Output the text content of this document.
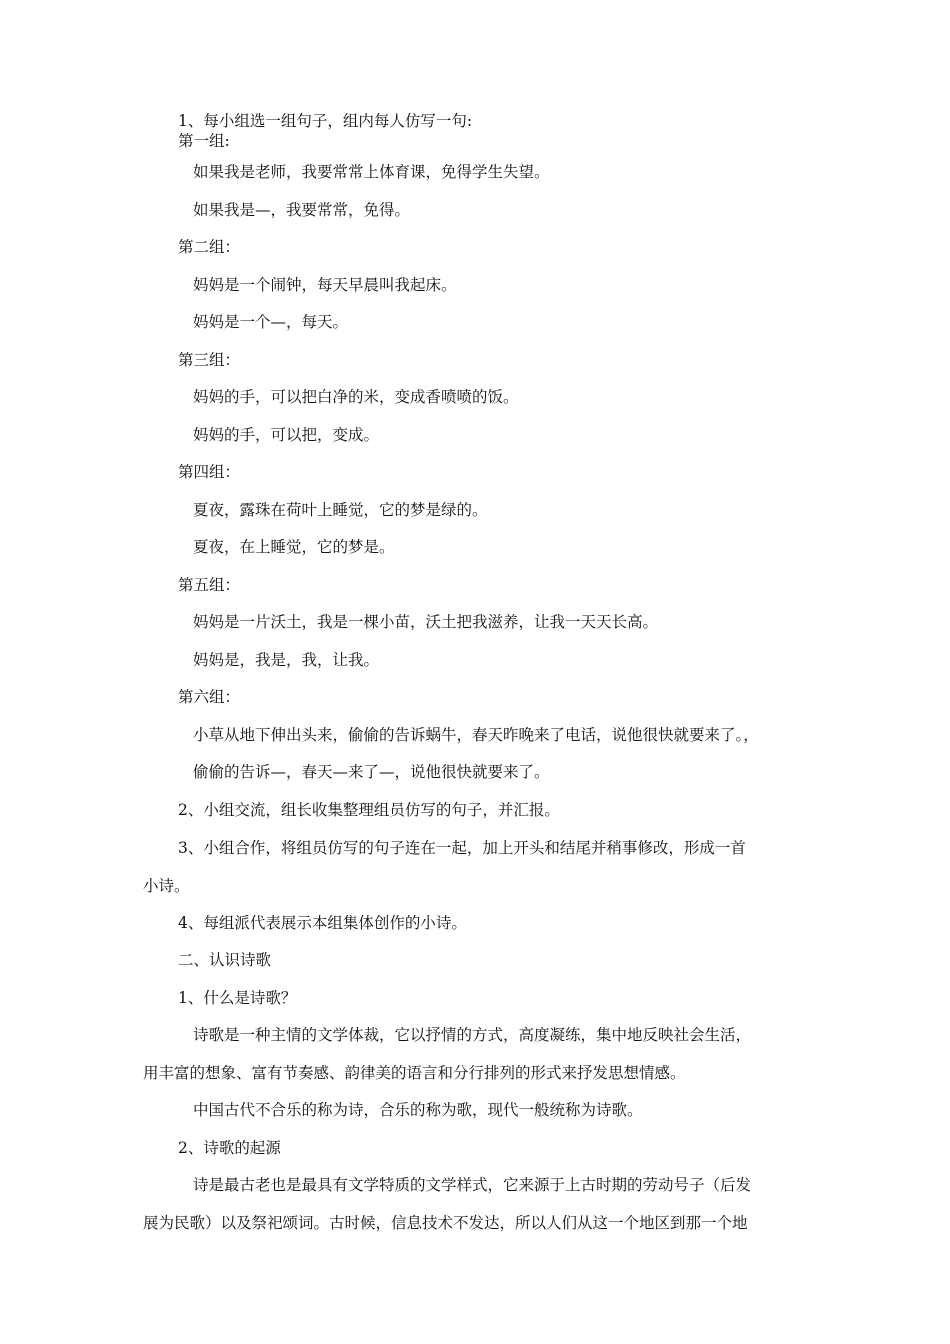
1、每小组选一组句子，组内每人仿写一句:

第一组:

如果我是老师，我要常常上体育课，免得学生失望。

如果我是—，我要常常，免得。

第二组：

妈妈是一个闹钟，每天早晨叫我起床。

妈妈是一个—，每天。

第三组：

妈妈的手，可以把白净的米，变成香喷喷的饭。

妈妈的手，可以把，变成。

第四组：

夏夜，露珠在荷叶上睡觉，它的梦是绿的。

夏夜，在上睡觉，它的梦是。

第五组：

妈妈是一片沃土，我是一棵小苗，沃土把我滋养，让我一天天长高。

妈妈是，我是，我，让我。

第六组：

小草从地下伸出头来，偷偷的告诉蜗牛，春天昨晚来了电话，说他很快就要来了。，

偷偷的告诉—，春天—来了—，说他很快就要来了。

2、小组交流，组长收集整理组员仿写的句子，并汇报。

3、小组合作，将组员仿写的句子连在一起，加上开头和结尾并稍事修改，形成一首

小诗。

4、每组派代表展示本组集体创作的小诗。

二、认识诗歌

1、什么是诗歌？

诗歌是一种主情的文学体裁，它以抒情的方式，高度凝练，集中地反映社会生活，

用丰富的想象、富有节奏感、韵律美的语言和分行排列的形式来抒发思想情感。

中国古代不合乐的称为诗，合乐的称为歌，现代一般统称为诗歌。

2、诗歌的起源

诗是最古老也是最具有文学特质的文学样式，它来源于上古时期的劳动号子（后发

展为民歌）以及祭祀颂词。古时候，信息技术不发达，所以人们从这一个地区到那一个地
